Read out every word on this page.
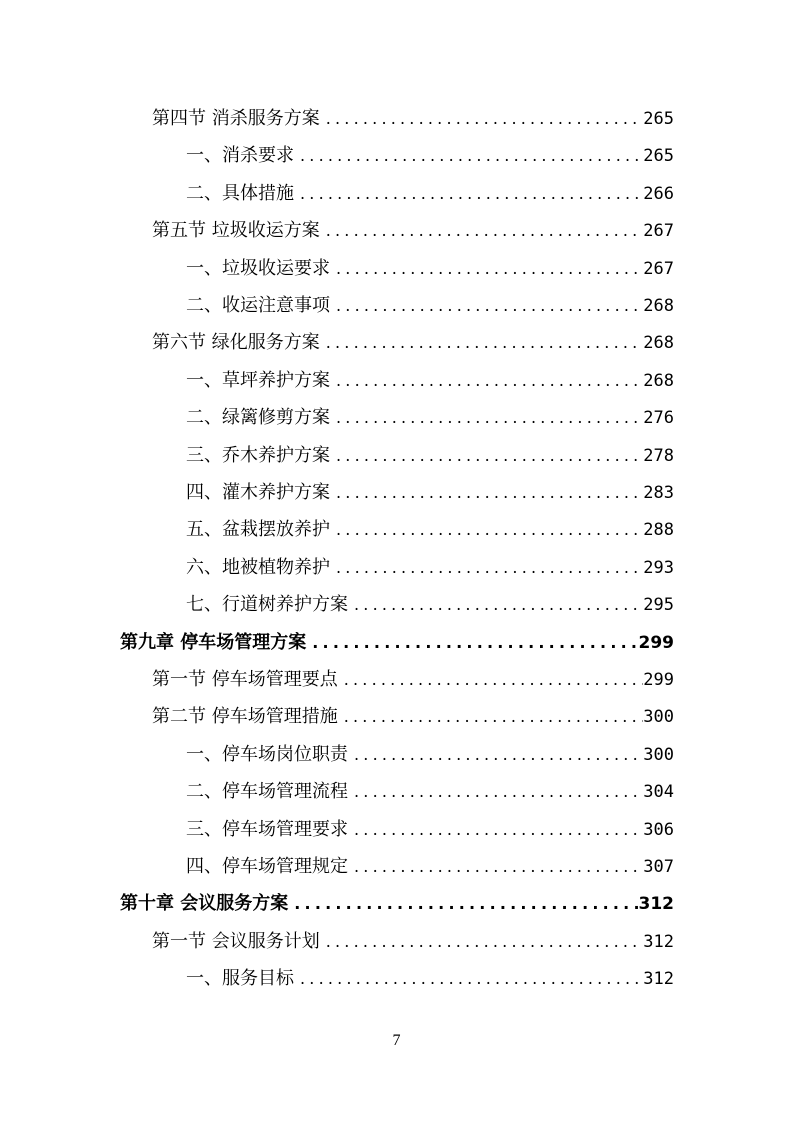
第四节 消杀服务方案 .....	265
一、消杀要求 .....	265
二、具体措施 .....	266
第五节 垃圾收运方案 .....	267
一、垃圾收运要求 .....	267
二、收运注意事项 .....	268
第六节 绿化服务方案 .....	268
一、草坪养护方案 .....	268
二、绿篱修剪方案 .....	276
三、乔木养护方案 .....	278
四、灌木养护方案 .....	283
五、盆栽摆放养护 .....	288
六、地被植物养护 .....	293
七、行道树养护方案 .....	295
第九章 停车场管理方案 .....	299
第一节 停车场管理要点 .....	299
第二节 停车场管理措施 .....	300
一、停车场岗位职责 .....	300
二、停车场管理流程 .....	304
三、停车场管理要求 .....	306
四、停车场管理规定 .....	307
第十章 会议服务方案 .....	312
第一节 会议服务计划 .....	312
一、服务目标 .....	312
7
